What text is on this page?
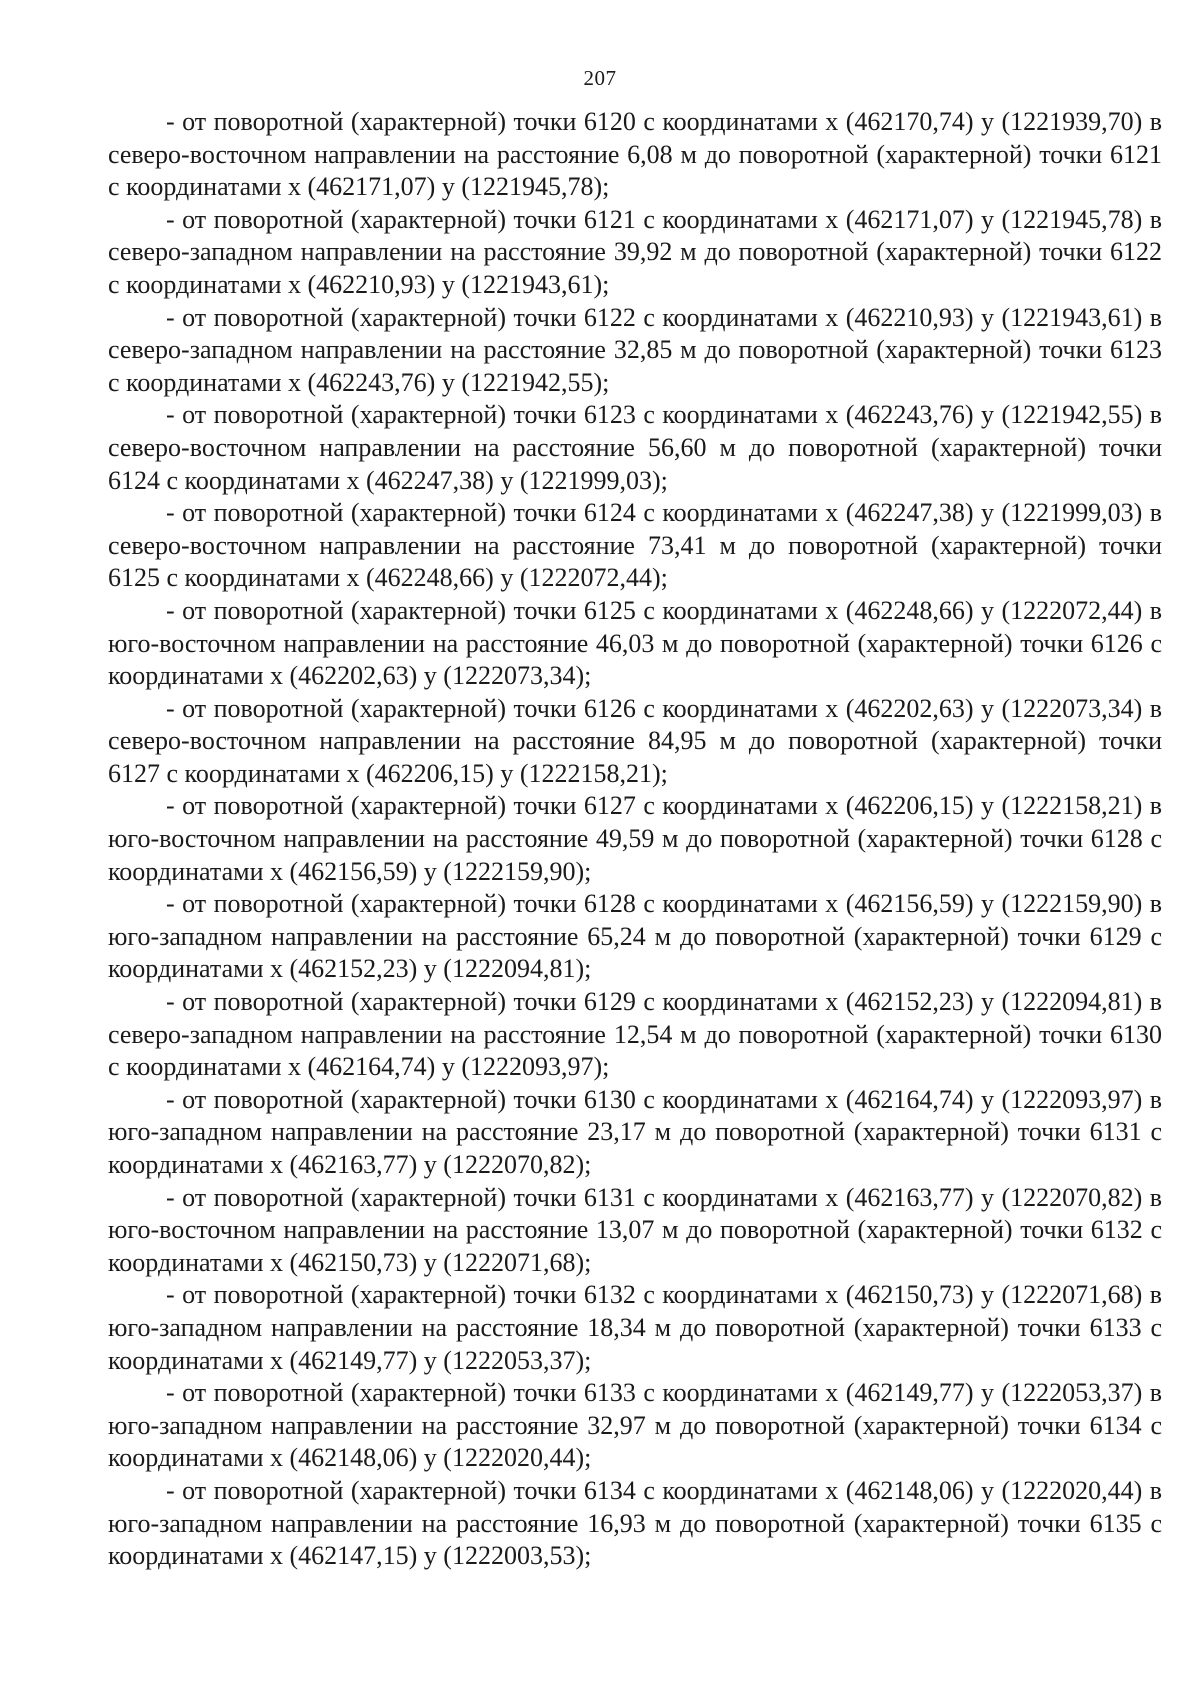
207

- от поворотной (характерной) точки 6120 с координатами х (462170,74) у (1221939,70) в северо-восточном направлении на расстояние 6,08 м до поворотной (характерной) точки 6121 с координатами х (462171,07) у (1221945,78);

- от поворотной (характерной) точки 6121 с координатами х (462171,07) у (1221945,78) в северо-западном направлении на расстояние 39,92 м до поворотной (характерной) точки 6122 с координатами х (462210,93) у (1221943,61);

- от поворотной (характерной) точки 6122 с координатами х (462210,93) у (1221943,61) в северо-западном направлении на расстояние 32,85 м до поворотной (характерной) точки 6123 с координатами х (462243,76) у (1221942,55);

- от поворотной (характерной) точки 6123 с координатами х (462243,76) у (1221942,55) в северо-восточном направлении на расстояние 56,60 м до поворотной (характерной) точки 6124 с координатами х (462247,38) у (1221999,03);

- от поворотной (характерной) точки 6124 с координатами х (462247,38) у (1221999,03) в северо-восточном направлении на расстояние 73,41 м до поворотной (характерной) точки 6125 с координатами х (462248,66) у (1222072,44);

- от поворотной (характерной) точки 6125 с координатами х (462248,66) у (1222072,44) в юго-восточном направлении на расстояние 46,03 м до поворотной (характерной) точки 6126 с координатами х (462202,63) у (1222073,34);

- от поворотной (характерной) точки 6126 с координатами х (462202,63) у (1222073,34) в северо-восточном направлении на расстояние 84,95 м до поворотной (характерной) точки 6127 с координатами х (462206,15) у (1222158,21);

- от поворотной (характерной) точки 6127 с координатами х (462206,15) у (1222158,21) в юго-восточном направлении на расстояние 49,59 м до поворотной (характерной) точки 6128 с координатами х (462156,59) у (1222159,90);

- от поворотной (характерной) точки 6128 с координатами х (462156,59) у (1222159,90) в юго-западном направлении на расстояние 65,24 м до поворотной (характерной) точки 6129 с координатами х (462152,23) у (1222094,81);

- от поворотной (характерной) точки 6129 с координатами х (462152,23) у (1222094,81) в северо-западном направлении на расстояние 12,54 м до поворотной (характерной) точки 6130 с координатами х (462164,74) у (1222093,97);

- от поворотной (характерной) точки 6130 с координатами х (462164,74) у (1222093,97) в юго-западном направлении на расстояние 23,17 м до поворотной (характерной) точки 6131 с координатами х (462163,77) у (1222070,82);

- от поворотной (характерной) точки 6131 с координатами х (462163,77) у (1222070,82) в юго-восточном направлении на расстояние 13,07 м до поворотной (характерной) точки 6132 с координатами х (462150,73) у (1222071,68);

- от поворотной (характерной) точки 6132 с координатами х (462150,73) у (1222071,68) в юго-западном направлении на расстояние 18,34 м до поворотной (характерной) точки 6133 с координатами х (462149,77) у (1222053,37);

- от поворотной (характерной) точки 6133 с координатами х (462149,77) у (1222053,37) в юго-западном направлении на расстояние 32,97 м до поворотной (характерной) точки 6134 с координатами х (462148,06) у (1222020,44);

- от поворотной (характерной) точки 6134 с координатами х (462148,06) у (1222020,44) в юго-западном направлении на расстояние 16,93 м до поворотной (характерной) точки 6135 с координатами х (462147,15) у (1222003,53);
